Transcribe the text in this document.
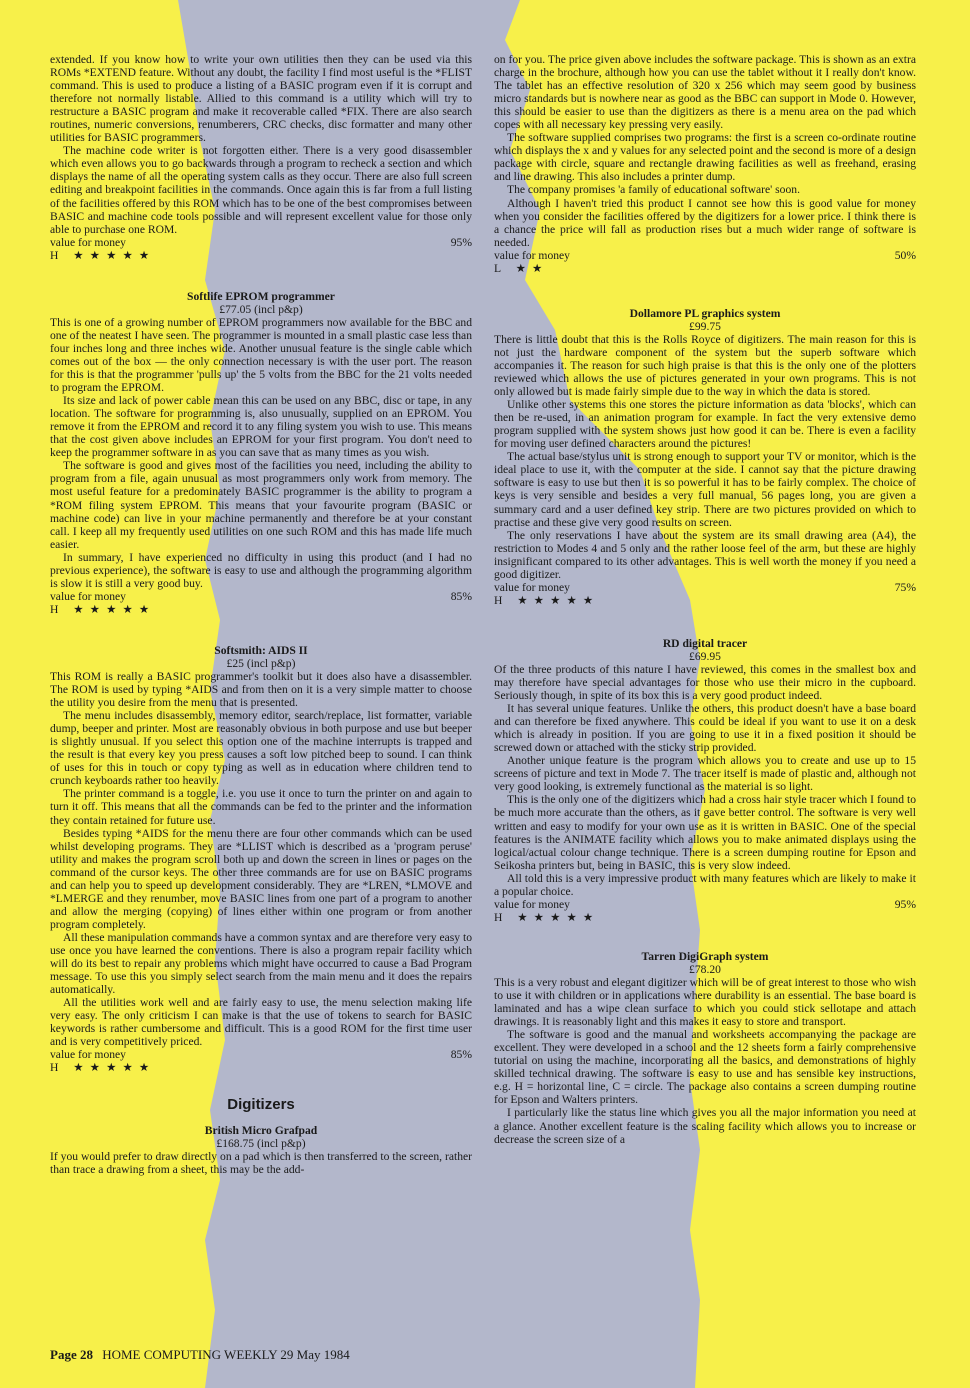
extended. If you know how to write your own utilities then they can be used via this ROMs *EXTEND feature. Without any doubt, the facility I find most useful is the *FLIST command. This is used to produce a listing of a BASIC program even if it is corrupt and therefore not normally listable. Allied to this command is a utility which will try to restructure a BASIC program and make it recoverable called *FIX. There are also search routines, numeric conversions, renumberers, CRC checks, disc formatter and many other utilities for BASIC programmers.

The machine code writer is not forgotten either. There is a very good disassembler which even allows you to go backwards through a program to recheck a section and which displays the name of all the operating system calls as they occur. There are also full screen editing and breakpoint facilities in the commands. Once again this is far from a full listing of the facilities offered by this ROM which has to be one of the best compromises between BASIC and machine code tools possible and will represent excellent value for those only able to purchase one ROM.

value for money	95%
H ★★★★★
Softlife EPROM programmer
£77.05 (incl p&p)

This is one of a growing number of EPROM programmers now available for the BBC and one of the neatest I have seen. The programmer is mounted in a small plastic case less than four inches long and three inches wide. Another unusual feature is the single cable which comes out of the box — the only connection necessary is with the user port. The reason for this is that the programmer 'pulls up' the 5 volts from the BBC for the 21 volts needed to program the EPROM.

Its size and lack of power cable mean this can be used on any BBC, disc or tape, in any location. The software for programming is, also unusually, supplied on an EPROM. You remove it from the EPROM and record it to any filing system you wish to use. This means that the cost given above includes an EPROM for your first program. You don't need to keep the programmer software in as you can save that as many times as you wish.

The software is good and gives most of the facilities you need, including the ability to program from a file, again unusual as most programmers only work from memory. The most useful feature for a predominately BASIC programmer is the ability to program a *ROM filing system EPROM. This means that your favourite program (BASIC or machine code) can live in your machine permanently and therefore be at your constant call. I keep all my frequently used utilities on one such ROM and this has made life much easier.

In summary, I have experienced no difficulty in using this product (and I had no previous experience), the software is easy to use and although the programming algorithm is slow it is still a very good buy.

value for money	85%
H ★★★★★
Softsmith: AIDS II
£25 (incl p&p)

This ROM is really a BASIC programmer's toolkit but it does also have a disassembler. The ROM is used by typing *AIDS and from then on it is a very simple matter to choose the utility you desire from the menu that is presented.

The menu includes disassembly, memory editor, search/replace, list formatter, variable dump, beeper and printer. Most are reasonably obvious in both purpose and use but beeper is slightly unusual. If you select this option one of the machine interrupts is trapped and the result is that every key you press causes a soft low pitched beep to sound. I can think of uses for this in touch or copy typing as well as in education where children tend to crunch keyboards rather too heavily.

The printer command is a toggle, i.e. you use it once to turn the printer on and again to turn it off. This means that all the commands can be fed to the printer and the information they contain retained for future use.

Besides typing *AIDS for the menu there are four other commands which can be used whilst developing programs. They are *LLIST which is described as a 'program peruse' utility and makes the program scroll both up and down the screen in lines or pages on the command of the cursor keys. The other three commands are for use on BASIC programs and can help you to speed up development considerably. They are *LREN, *LMOVE and *LMERGE and they renumber, move BASIC lines from one part of a program to another and allow the merging (copying) of lines either within one program or from another program completely.

All these manipulation commands have a common syntax and are therefore very easy to use once you have learned the conventions. There is also a program repair facility which will do its best to repair any problems which might have occurred to cause a Bad Program message. To use this you simply select search from the main menu and it does the repairs automatically.

All the utilities work well and are fairly easy to use, the menu selection making life very easy. The only criticism I can make is that the use of tokens to search for BASIC keywords is rather cumbersome and difficult. This is a good ROM for the first time user and is very competitively priced.

value for money	85%
H ★★★★★
Digitizers
British Micro Grafpad
£168.75 (incl p&p)

If you would prefer to draw directly on a pad which is then transferred to the screen, rather than trace a drawing from a sheet, this may be the add-

on for you. The price given above includes the software package. This is shown as an extra charge in the brochure, although how you can use the tablet without it I really don't know. The tablet has an effective resolution of 320 x 256 which may seem good by business micro standards but is nowhere near as good as the BBC can support in Mode 0. However, this should be easier to use than the digitizers as there is a menu area on the pad which copes with all necessary key pressing very easily.

The software supplied comprises two programs: the first is a screen co-ordinate routine which displays the x and y values for any selected point and the second is more of a design package with circle, square and rectangle drawing facilities as well as freehand, erasing and line drawing. This also includes a printer dump.

The company promises 'a family of educational software' soon.

Although I haven't tried this product I cannot see how this is good value for money when you consider the facilities offered by the digitizers for a lower price. I think there is a chance the price will fall as production rises but a much wider range of software is needed.

value for money	50%
L ★★
Dollamore PL graphics system
£99.75

There is little doubt that this is the Rolls Royce of digitizers. The main reason for this is not just the hardware component of the system but the superb software which accompanies it. The reason for such high praise is that this is the only one of the plotters reviewed which allows the use of pictures generated in your own programs. This is not only allowed but is made fairly simple due to the way in which the data is stored.

Unlike other systems this one stores the picture information as data 'blocks', which can then be re-used, in an animation program for example. In fact the very extensive demo program supplied with the system shows just how good it can be. There is even a facility for moving user defined characters around the pictures!

The actual base/stylus unit is strong enough to support your TV or monitor, which is the ideal place to use it, with the computer at the side. I cannot say that the picture drawing software is easy to use but then it is so powerful it has to be fairly complex. The choice of keys is very sensible and besides a very full manual, 56 pages long, you are given a summary card and a user defined key strip. There are two pictures provided on which to practise and these give very good results on screen.

The only reservations I have about the system are its small drawing area (A4), the restriction to Modes 4 and 5 only and the rather loose feel of the arm, but these are highly insignificant compared to its other advantages. This is well worth the money if you need a good digitizer.

value for money	75%
H ★★★★★
RD digital tracer
£69.95

Of the three products of this nature I have reviewed, this comes in the smallest box and may therefore have special advantages for those who use their micro in the cupboard. Seriously though, in spite of its box this is a very good product indeed.

It has several unique features. Unlike the others, this product doesn't have a base board and can therefore be fixed anywhere. This could be ideal if you want to use it on a desk which is already in position. If you are going to use it in a fixed position it should be screwed down or attached with the sticky strip provided.

Another unique feature is the program which allows you to create and use up to 15 screens of picture and text in Mode 7. The tracer itself is made of plastic and, although not very good looking, is extremely functional as the material is so light.

This is the only one of the digitizers which had a cross hair style tracer which I found to be much more accurate than the others, as it gave better control. The software is very well written and easy to modify for your own use as it is written in BASIC. One of the special features is the ANIMATE facility which allows you to make animated displays using the logical/actual colour change technique. There is a screen dumping routine for Epson and Seikosha printers but, being in BASIC, this is very slow indeed.

All told this is a very impressive product with many features which are likely to make it a popular choice.

value for money	95%
H ★★★★★
Tarren DigiGraph system
£78.20

This is a very robust and elegant digitizer which will be of great interest to those who wish to use it with children or in applications where durability is an essential. The base board is laminated and has a wipe clean surface to which you could stick sellotape and attach drawings. It is reasonably light and this makes it easy to store and transport.

The software is good and the manual and worksheets accompanying the package are excellent. They were developed in a school and the 12 sheets form a fairly comprehensive tutorial on using the machine, incorporating all the basics, and demonstrations of highly skilled technical drawing. The software is easy to use and has sensible key instructions, e.g. H = horizontal line, C = circle. The package also contains a screen dumping routine for Epson and Walters printers.

I particularly like the status line which gives you all the major information you need at a glance. Another excellent feature is the scaling facility which allows you to increase or decrease the screen size of a

Page 28 HOME COMPUTING WEEKLY 29 May 1984
